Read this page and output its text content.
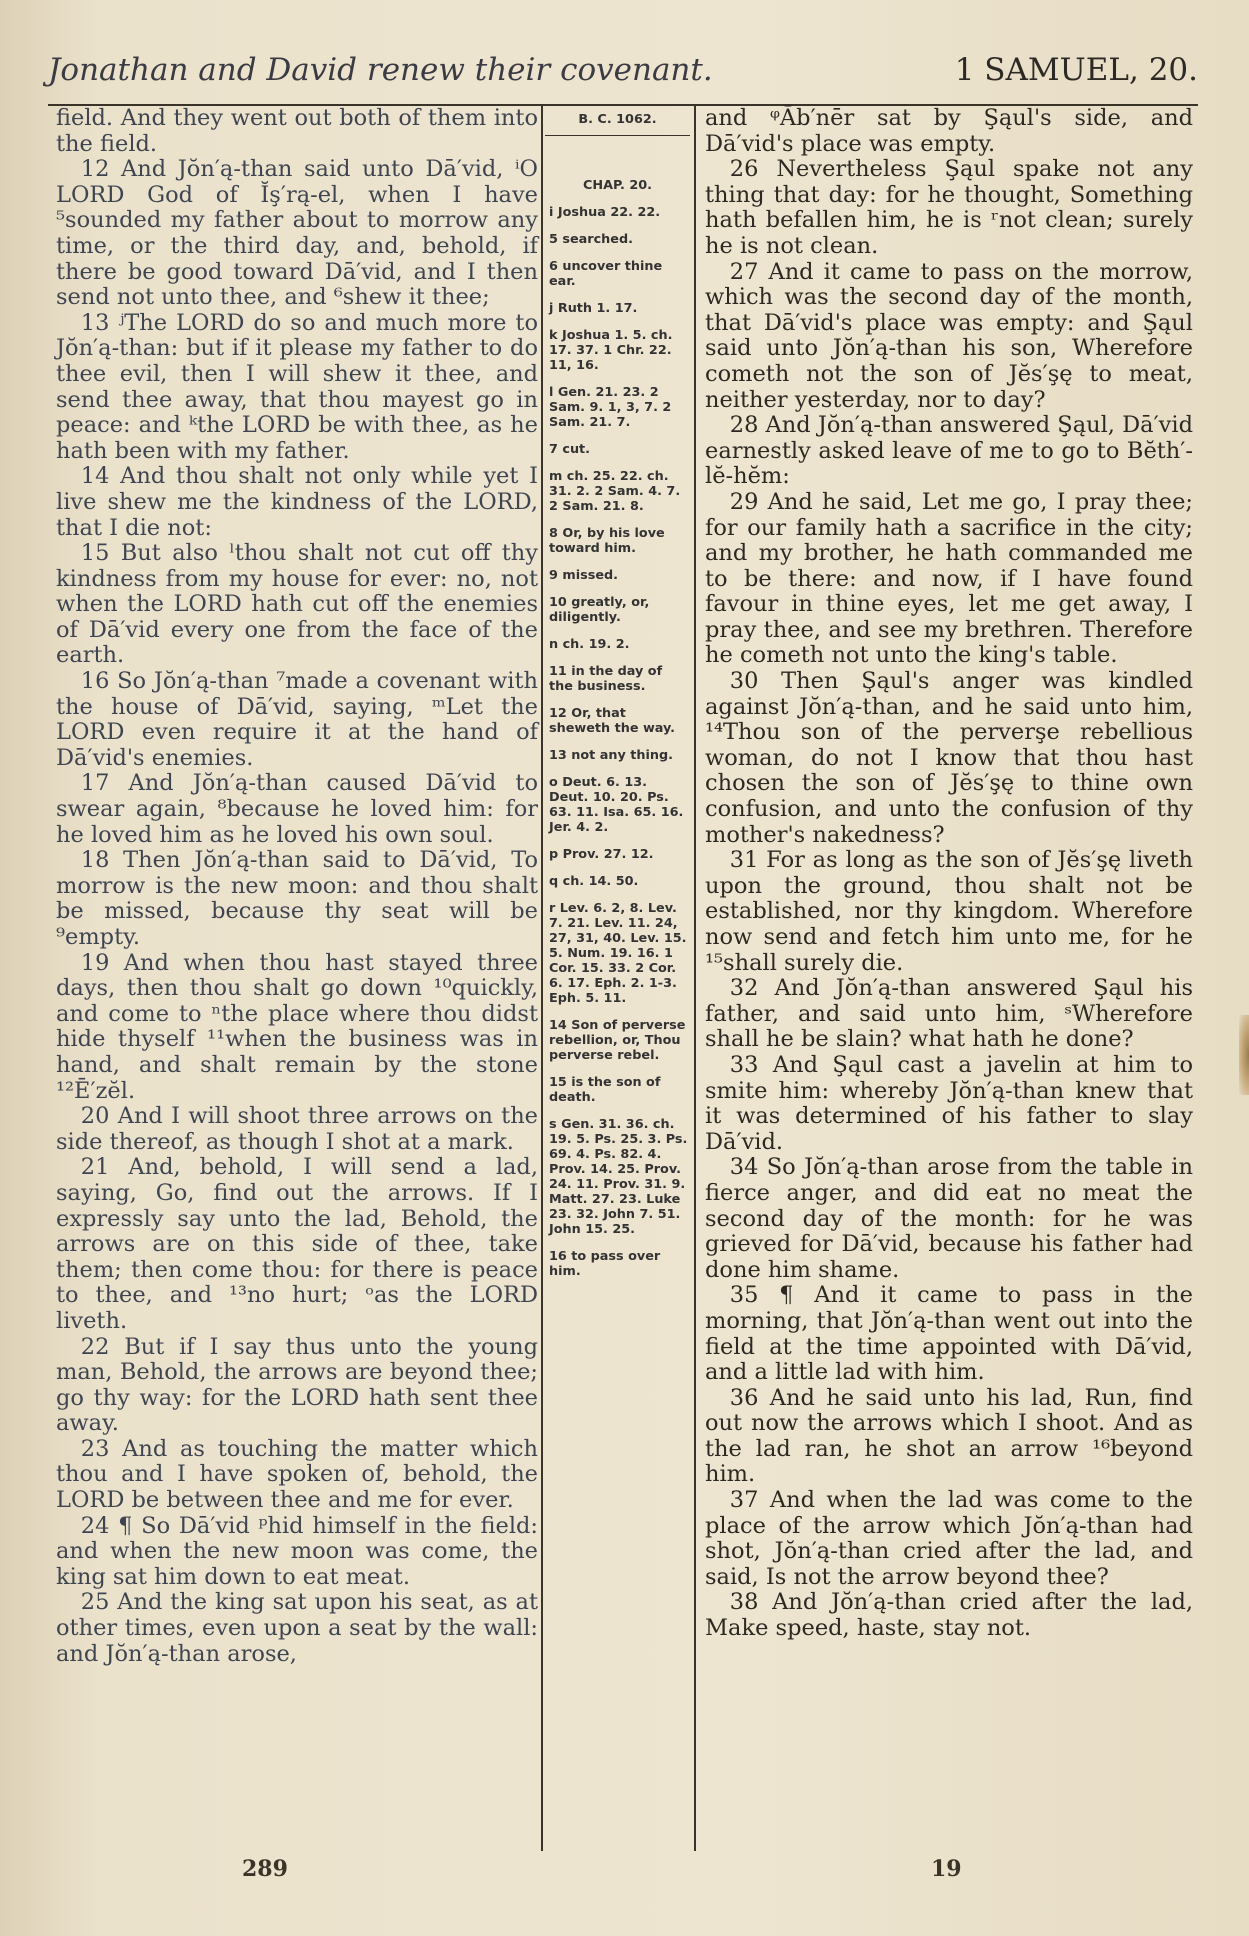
Jonathan and David renew their covenant.	1 SAMUEL, 20.

field. And they went out both of them into the field.

12 And Jŏn′ą-than said unto Dā′vid, ⁱO LORD God of Ĭş′rą-el, when I have ⁵sounded my father about to morrow any time, or the third day, and, behold, if there be good toward Dā′vid, and I then send not unto thee, and ⁶shew it thee;

13 ʲThe LORD do so and much more to Jŏn′ą-than: but if it please my father to do thee evil, then I will shew it thee, and send thee away, that thou mayest go in peace: and ᵏthe LORD be with thee, as he hath been with my father.

14 And thou shalt not only while yet I live shew me the kindness of the LORD, that I die not:

15 But also ˡthou shalt not cut off thy kindness from my house for ever: no, not when the LORD hath cut off the enemies of Dā′vid every one from the face of the earth.

16 So Jŏn′ą-than ⁷made a covenant with the house of Dā′vid, saying, ᵐLet the LORD even require it at the hand of Dā′vid's enemies.

17 And Jŏn′ą-than caused Dā′vid to swear again, ⁸because he loved him: for he loved him as he loved his own soul.

18 Then Jŏn′ą-than said to Dā′vid, To morrow is the new moon: and thou shalt be missed, because thy seat will be ⁹empty.

19 And when thou hast stayed three days, then thou shalt go down ¹⁰quickly, and come to ⁿthe place where thou didst hide thyself ¹¹when the business was in hand, and shalt remain by the stone ¹²Ē′zĕl.

20 And I will shoot three arrows on the side thereof, as though I shot at a mark.

21 And, behold, I will send a lad, saying, Go, find out the arrows. If I expressly say unto the lad, Behold, the arrows are on this side of thee, take them; then come thou: for there is peace to thee, and ¹³no hurt; ᵒas the LORD liveth.

22 But if I say thus unto the young man, Behold, the arrows are beyond thee; go thy way: for the LORD hath sent thee away.

23 And as touching the matter which thou and I have spoken of, behold, the LORD be between thee and me for ever.

24 ¶ So Dā′vid ᵖhid himself in the field: and when the new moon was come, the king sat him down to eat meat.

25 And the king sat upon his seat, as at other times, even upon a seat by the wall: and Jŏn′ą-than arose,

B. C. 1062.
CHAP. 20.
i Joshua 22. 22.
5 searched.
6 uncover thine ear.
j Ruth 1. 17.
k Joshua 1. 5. ch. 17. 37. 1 Chr. 22. 11, 16.
l Gen. 21. 23. 2 Sam. 9. 1, 3, 7. 2 Sam. 21. 7.
7 cut.
m ch. 25. 22. ch. 31. 2. 2 Sam. 4. 7. 2 Sam. 21. 8.
8 Or, by his love toward him.
9 missed.
10 greatly, or, diligently.
n ch. 19. 2.
11 in the day of the business.
12 Or, that sheweth the way.
13 not any thing.
o Deut. 6. 13. Deut. 10. 20. Ps. 63. 11. Isa. 65. 16. Jer. 4. 2.
p Prov. 27. 12.
q ch. 14. 50.
r Lev. 6. 2, 8. Lev. 7. 21. Lev. 11. 24, 27, 31, 40. Lev. 15. 5. Num. 19. 16. 1 Cor. 15. 33. 2 Cor. 6. 17. Eph. 2. 1-3. Eph. 5. 11.
14 Son of perverse rebellion, or, Thou perverse rebel.
15 is the son of death.
s Gen. 31. 36. ch. 19. 5. Ps. 25. 3. Ps. 69. 4. Ps. 82. 4. Prov. 14. 25. Prov. 24. 11. Prov. 31. 9. Matt. 27. 23. Luke 23. 32. John 7. 51. John 15. 25.
16 to pass over him.

and ᵠĀb′nēr sat by Şąul's side, and Dā′vid's place was empty.

26 Nevertheless Şąul spake not any thing that day: for he thought, Something hath befallen him, he is ʳnot clean; surely he is not clean.

27 And it came to pass on the morrow, which was the second day of the month, that Dā′vid's place was empty: and Şąul said unto Jŏn′ą-than his son, Wherefore cometh not the son of Jĕs′şę to meat, neither yesterday, nor to day?

28 And Jŏn′ą-than answered Şąul, Dā′vid earnestly asked leave of me to go to Bĕth′-lĕ-hĕm:

29 And he said, Let me go, I pray thee; for our family hath a sacrifice in the city; and my brother, he hath commanded me to be there: and now, if I have found favour in thine eyes, let me get away, I pray thee, and see my brethren. Therefore he cometh not unto the king's table.

30 Then Şąul's anger was kindled against Jŏn′ą-than, and he said unto him, ¹⁴Thou son of the perverşe rebellious woman, do not I know that thou hast chosen the son of Jĕs′şę to thine own confusion, and unto the confusion of thy mother's nakedness?

31 For as long as the son of Jĕs′şę liveth upon the ground, thou shalt not be established, nor thy kingdom. Wherefore now send and fetch him unto me, for he ¹⁵shall surely die.

32 And Jŏn′ą-than answered Şąul his father, and said unto him, ˢWherefore shall he be slain? what hath he done?

33 And Şąul cast a javelin at him to smite him: whereby Jŏn′ą-than knew that it was determined of his father to slay Dā′vid.

34 So Jŏn′ą-than arose from the table in fierce anger, and did eat no meat the second day of the month: for he was grieved for Dā′vid, because his father had done him shame.

35 ¶ And it came to pass in the morning, that Jŏn′ą-than went out into the field at the time appointed with Dā′vid, and a little lad with him.

36 And he said unto his lad, Run, find out now the arrows which I shoot. And as the lad ran, he shot an arrow ¹⁶beyond him.

37 And when the lad was come to the place of the arrow which Jŏn′ą-than had shot, Jŏn′ą-than cried after the lad, and said, Is not the arrow beyond thee?

38 And Jŏn′ą-than cried after the lad, Make speed, haste, stay not.

289	19
